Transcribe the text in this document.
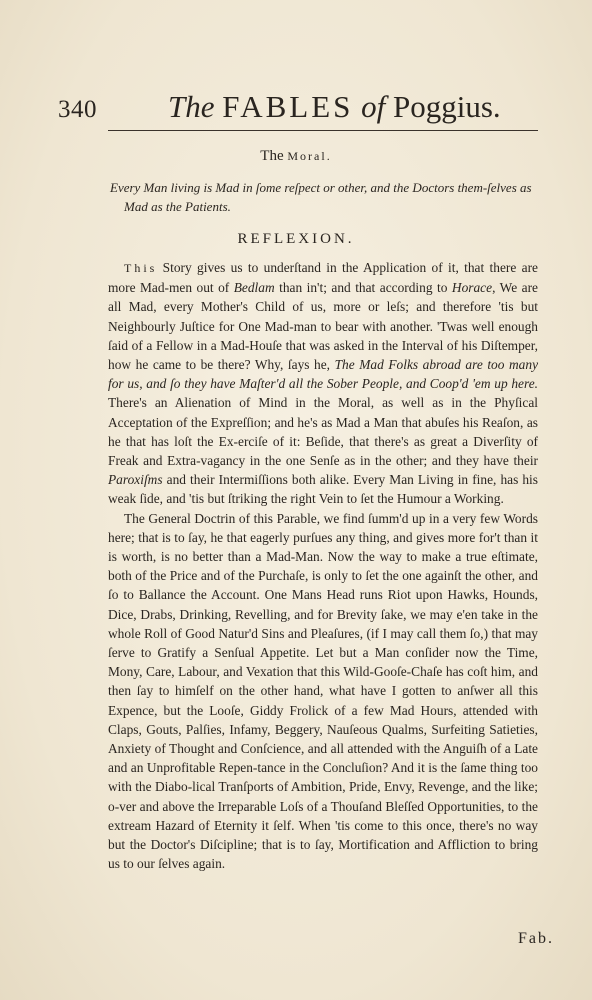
340 The FABLES of Poggius.
The Moral.
Every Man living is Mad in ſome reſpect or other, and the Doctors them-ſelves as Mad as the Patients.
REFLEXION.

This Story gives us to underſtand in the Application of it, that there are more Mad-men out of Bedlam than in't; and that according to Horace, We are all Mad, every Mother's Child of us, more or leſs; and therefore 'tis but Neighbourly Juſtice for One Mad-man to bear with another. 'Twas well enough ſaid of a Fellow in a Mad-Houſe that was asked in the Interval of his Diſtemper, how he came to be there? Why, ſays he, The Mad Folks abroad are too many for us, and ſo they have Maſter'd all the Sober People, and Coop'd 'em up here. There's an Alienation of Mind in the Moral, as well as in the Phyſical Acceptation of the Expreſſion; and he's as Mad a Man that abuſes his Reaſon, as he that has loſt the Ex-erciſe of it: Beſide, that there's as great a Diverſity of Freak and Extra-vagancy in the one Senſe as in the other; and they have their Paroxiſms and their Intermiſſions both alike. Every Man Living in fine, has his weak ſide, and 'tis but ſtriking the right Vein to ſet the Humour a Working.

The General Doctrin of this Parable, we find ſumm'd up in a very few Words here; that is to ſay, he that eagerly purſues any thing, and gives more for't than it is worth, is no better than a Mad-Man. Now the way to make a true eſtimate, both of the Price and of the Purchaſe, is only to ſet the one againſt the other, and ſo to Ballance the Account. One Mans Head runs Riot upon Hawks, Hounds, Dice, Drabs, Drinking, Revelling, and for Brevity ſake, we may e'en take in the whole Roll of Good Natur'd Sins and Pleaſures, (if I may call them ſo,) that may ſerve to Gratify a Senſual Appetite. Let but a Man conſider now the Time, Mony, Care, Labour, and Vexation that this Wild-Gooſe-Chaſe has coſt him, and then ſay to himſelf on the other hand, what have I gotten to anſwer all this Expence, but the Looſe, Giddy Frolick of a few Mad Hours, attended with Claps, Gouts, Palſies, Infamy, Beggery, Nauſeous Qualms, Surfeiting Satieties, Anxiety of Thought and Conſcience, and all attended with the Anguiſh of a Late and an Unprofitable Repen-tance in the Concluſion? And it is the ſame thing too with the Diabo-lical Tranſports of Ambition, Pride, Envy, Revenge, and the like; o-ver and above the Irreparable Loſs of a Thouſand Bleſſed Opportunities, to the extream Hazard of Eternity it ſelf. When 'tis come to this once, there's no way but the Doctor's Diſcipline; that is to ſay, Mortification and Affliction to bring us to our ſelves again.

Fab.
